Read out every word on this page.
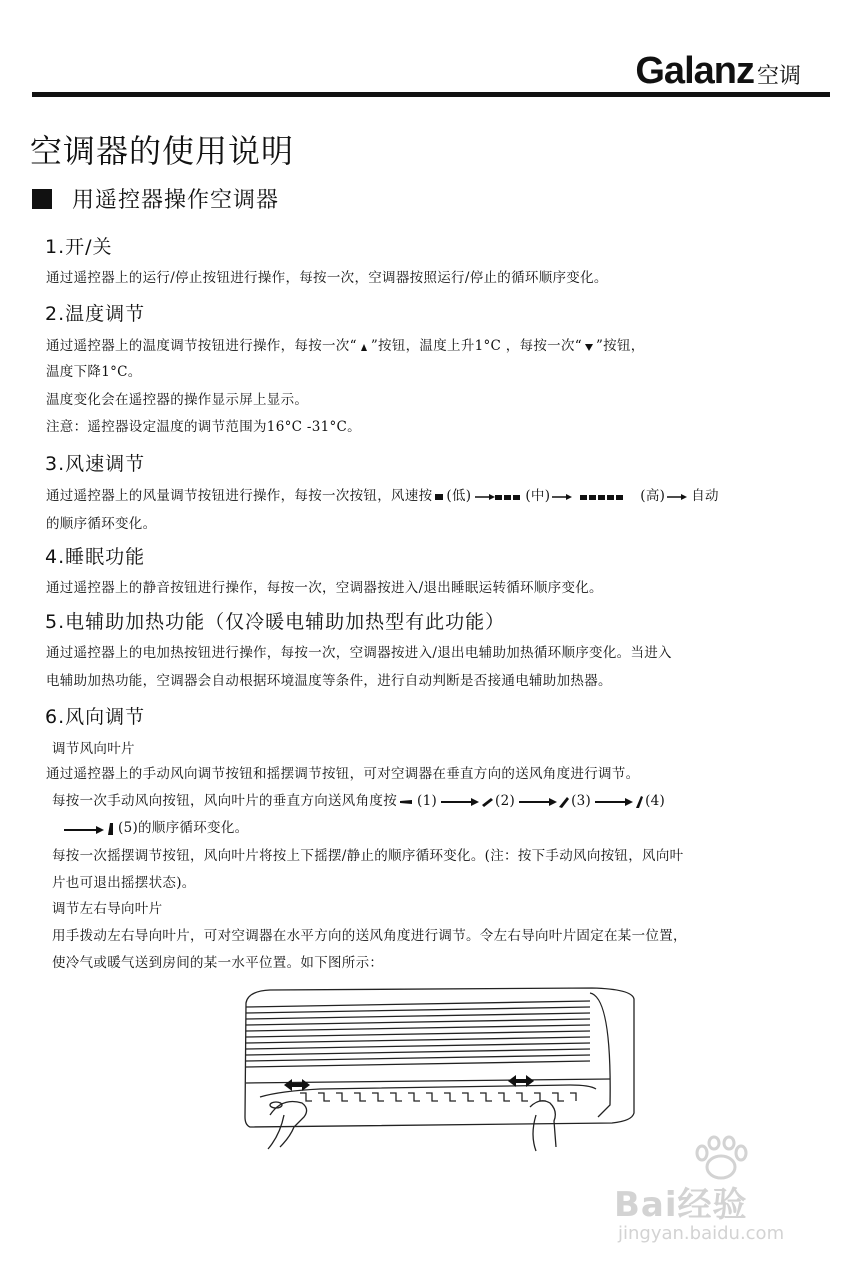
Galanz 空调
空调器的使用说明
用遥控器操作空调器
1.开/关
通过遥控器上的运行/停止按钮进行操作，每按一次，空调器按照运行/停止的循环顺序变化。
2.温度调节
通过遥控器上的温度调节按钮进行操作，每按一次“ ”按钮，温度上升1°C ，每按一次“ ”按钮，
温度下降1°C。
温度变化会在遥控器的操作显示屏上显示。
注意：遥控器设定温度的调节范围为16°C -31°C。
3.风速调节
通过遥控器上的风量调节按钮进行操作，每按一次按钮，风速按 (低)	(中)	(高) 自动
的顺序循环变化。
4.睡眠功能
通过遥控器上的静音按钮进行操作，每按一次，空调器按进入/退出睡眠运转循环顺序变化。
5.电辅助加热功能（仅冷暖电辅助加热型有此功能）
通过遥控器上的电加热按钮进行操作，每按一次，空调器按进入/退出电辅助加热循环顺序变化。当进入
电辅助加热功能，空调器会自动根据环境温度等条件，进行自动判断是否接通电辅助加热器。
6.风向调节
调节风向叶片
通过遥控器上的手动风向调节按钮和摇摆调节按钮，可对空调器在垂直方向的送风角度进行调节。
每按一次手动风向按钮，风向叶片的垂直方向送风角度按 (1)	(2)	(3)	(4)
(5)的顺序循环变化。
每按一次摇摆调节按钮，风向叶片将按上下摇摆/静止的顺序循环变化。(注：按下手动风向按钮，风向叶
片也可退出摇摆状态)。
调节左右导向叶片
用手拨动左右导向叶片，可对空调器在水平方向的送风角度进行调节。令左右导向叶片固定在某一位置，
使冷气或暖气送到房间的某一水平位置。如下图所示：
Bai经验
jingyan.baidu.com
